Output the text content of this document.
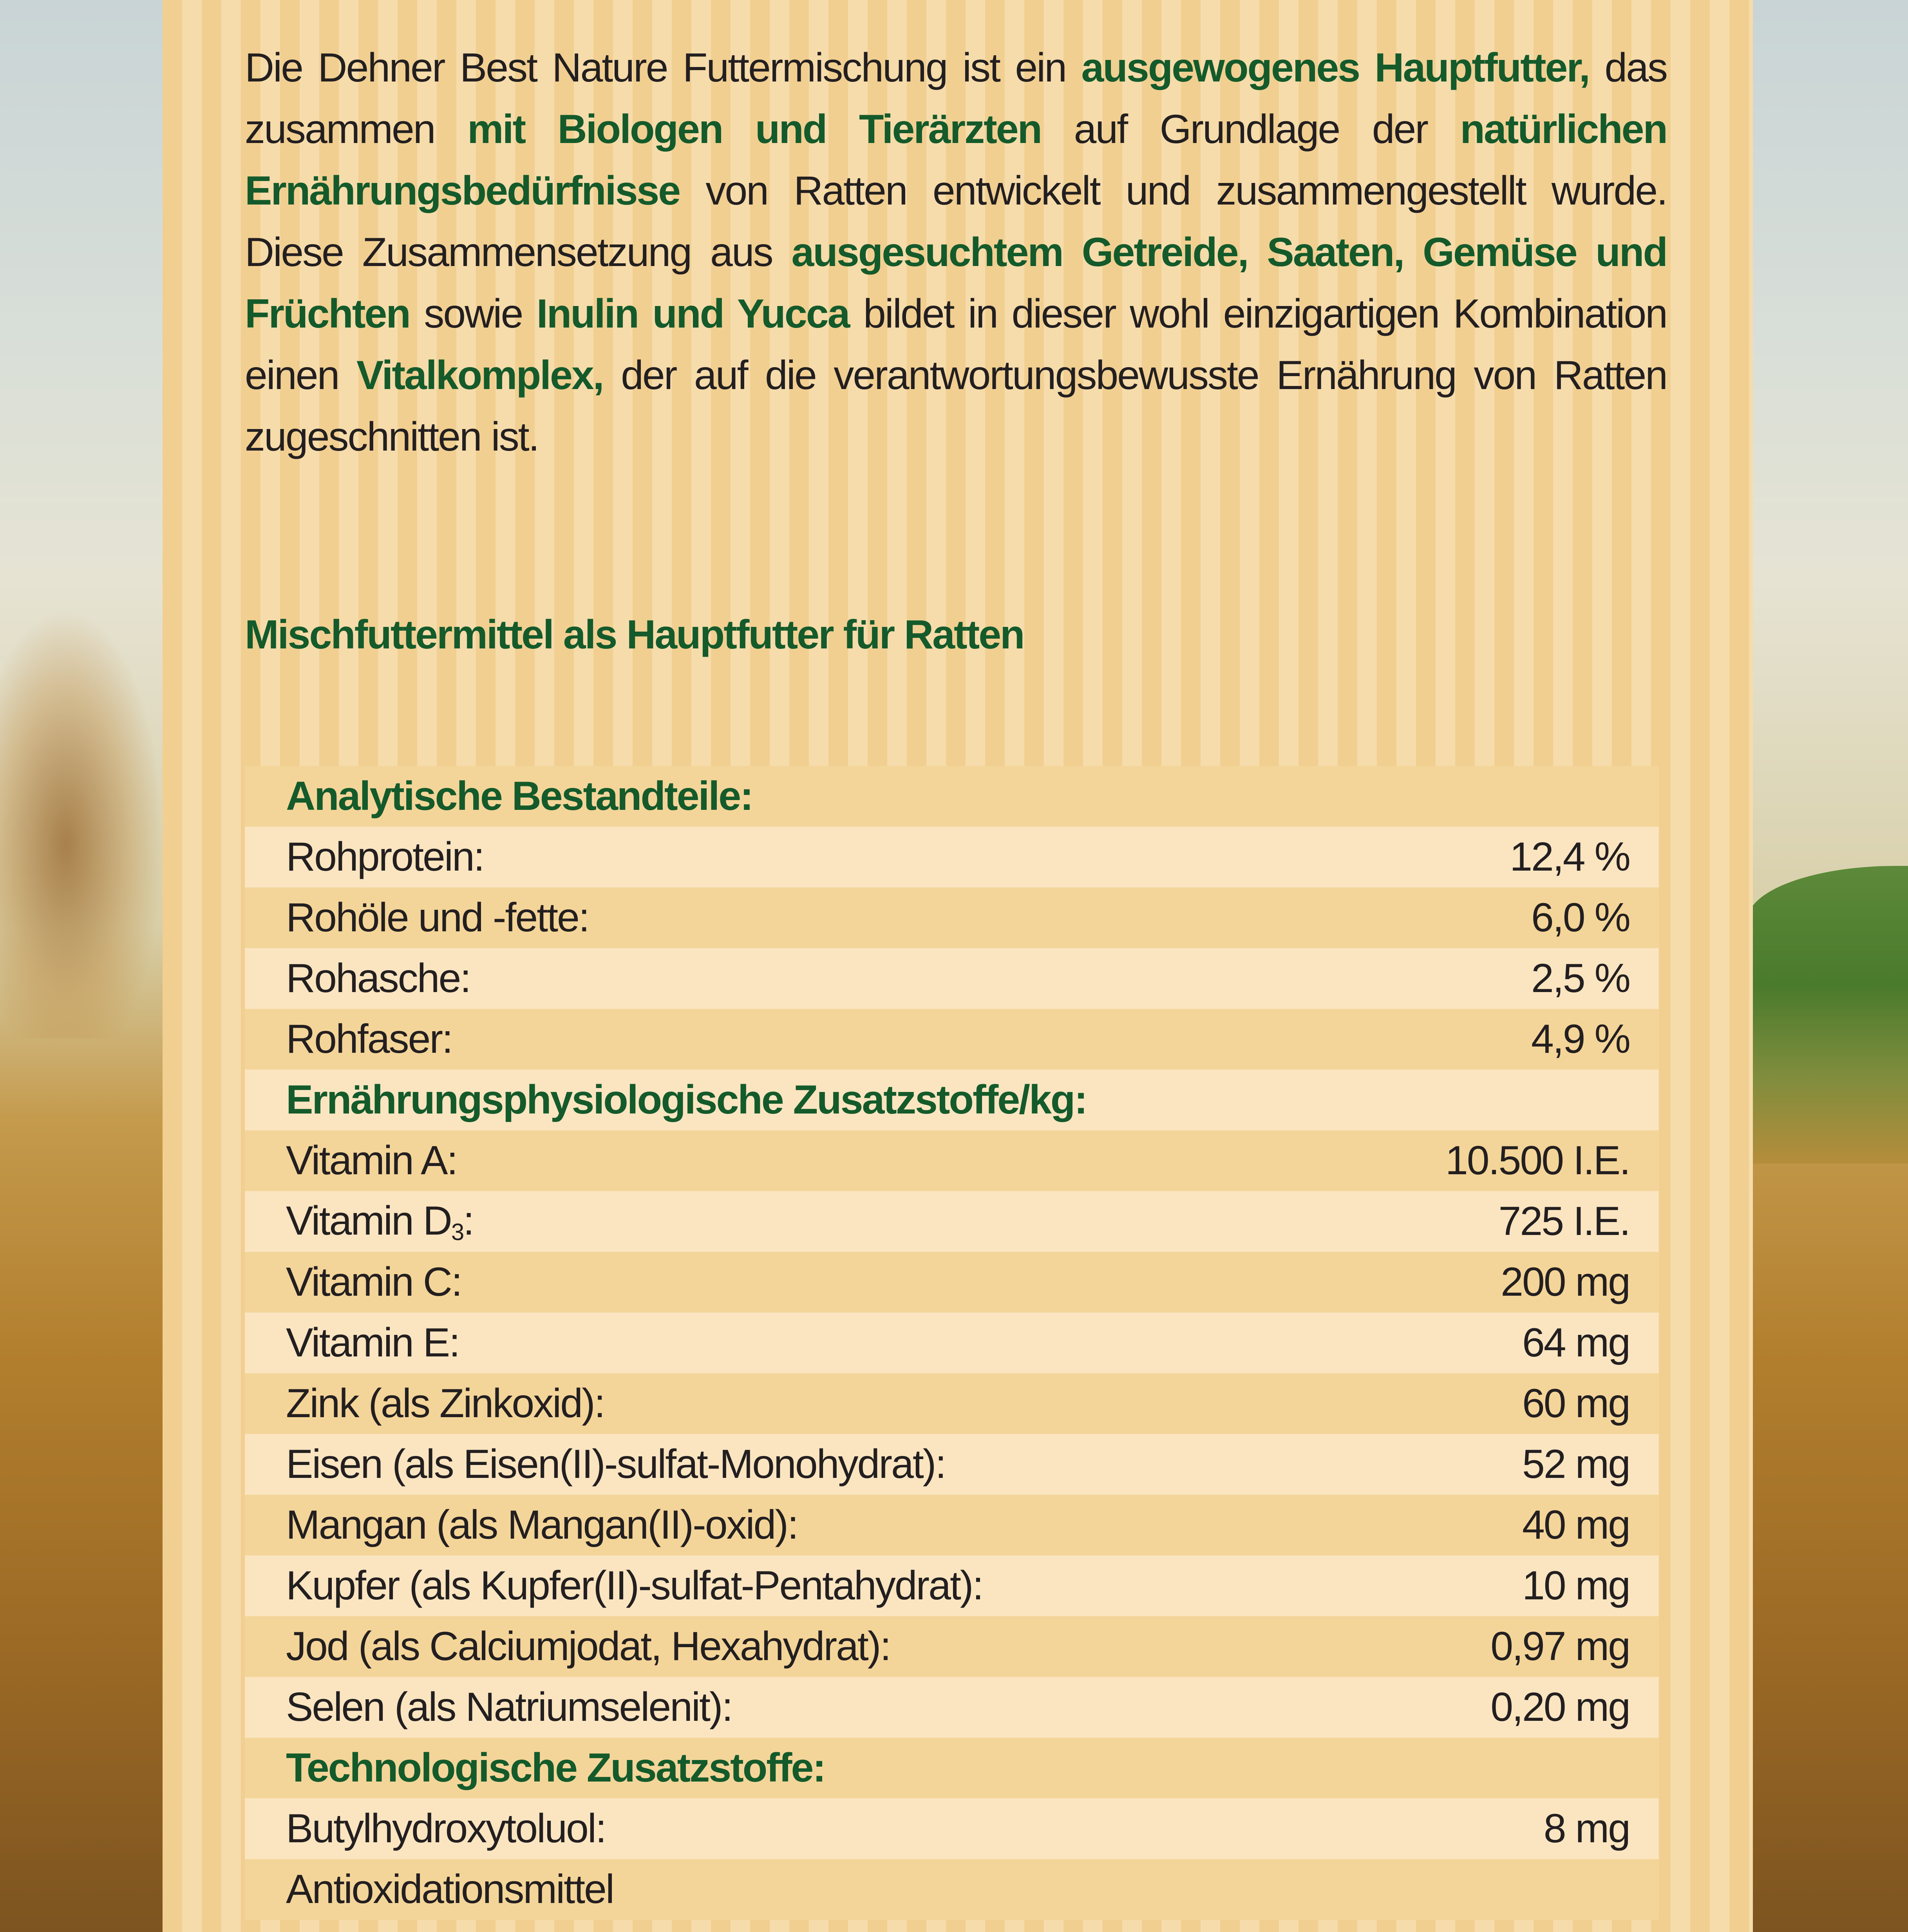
Die Dehner Best Nature Futtermischung ist ein ausgewogenes Hauptfutter, das zusammen mit Biologen und Tierärzten auf Grundlage der natürlichen Ernährungsbedürfnisse von Ratten entwickelt und zusammengestellt wurde. Diese Zusammensetzung aus ausgesuchtem Getreide, Saaten, Gemüse und Früchten sowie Inulin und Yucca bildet in dieser wohl einzigartigen Kombination einen Vitalkomplex, der auf die verantwortungsbewusste Ernährung von Ratten zugeschnitten ist.
Mischfuttermittel als Hauptfutter für Ratten
Analytische Bestandteile:
Rohprotein:	12,4 %
Rohöle und -fette:	6,0 %
Rohasche:	2,5 %
Rohfaser:	4,9 %
Ernährungsphysiologische Zusatzstoffe/kg:
Vitamin A:	10.500 I.E.
Vitamin $D_3$:	725 I.E.
Vitamin C:	200 mg
Vitamin E:	64 mg
Zink (als Zinkoxid):	60 mg
Eisen (als Eisen(II)-sulfat-Monohydrat):	52 mg
Mangan (als Mangan(II)-oxid):	40 mg
Kupfer (als Kupfer(II)-sulfat-Pentahydrat):	10 mg
Jod (als Calciumjodat, Hexahydrat):	0,97 mg
Selen (als Natriumselenit):	0,20 mg
Technologische Zusatzstoffe:
Butylhydroxytoluol:	8 mg
Antioxidationsmittel
